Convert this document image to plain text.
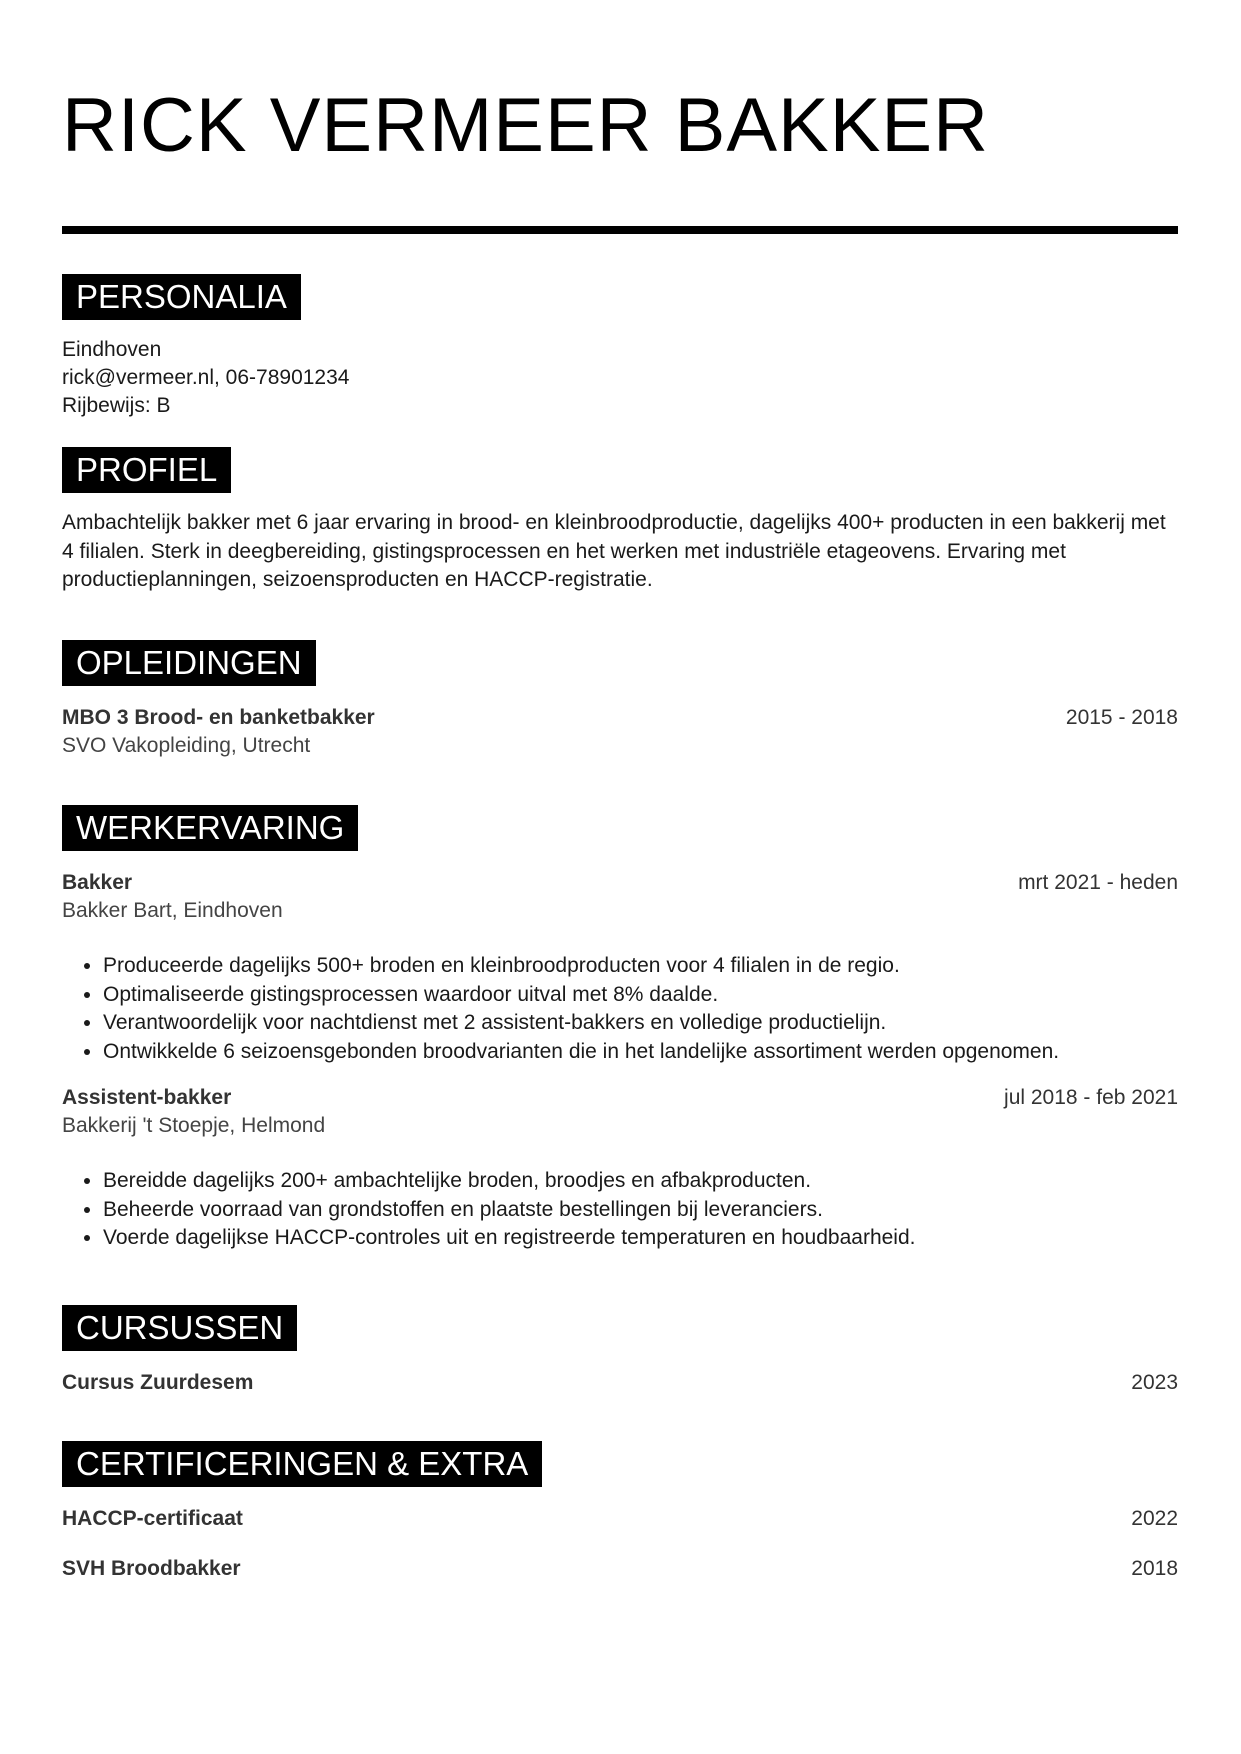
RICK VERMEER BAKKER
PERSONALIA

Eindhoven

rick@vermeer.nl, 06-78901234

Rijbewijs: B

PROFIEL

Ambachtelijk bakker met 6 jaar ervaring in brood- en kleinbroodproductie, dagelijks 400+ producten in een bakkerij met 4 filialen. Sterk in deegbereiding, gistingsprocessen en het werken met industriële etageovens. Ervaring met productieplanningen, seizoensproducten en HACCP-registratie.

OPLEIDINGEN
MBO 3 Brood- en banketbakker	2015 - 2018
SVO Vakopleiding, Utrecht
WERKERVARING
Bakker	mrt 2021 - heden
Bakker Bart, Eindhoven
• Produceerde dagelijks 500+ broden en kleinbroodproducten voor 4 filialen in de regio.
• Optimaliseerde gistingsprocessen waardoor uitval met 8% daalde.
• Verantwoordelijk voor nachtdienst met 2 assistent-bakkers en volledige productielijn.
• Ontwikkelde 6 seizoensgebonden broodvarianten die in het landelijke assortiment werden opgenomen.
Assistent-bakker	jul 2018 - feb 2021
Bakkerij 't Stoepje, Helmond
• Bereidde dagelijks 200+ ambachtelijke broden, broodjes en afbakproducten.
• Beheerde voorraad van grondstoffen en plaatste bestellingen bij leveranciers.
• Voerde dagelijkse HACCP-controles uit en registreerde temperaturen en houdbaarheid.
CURSUSSEN
Cursus Zuurdesem	2023
CERTIFICERINGEN & EXTRA
HACCP-certificaat	2022
SVH Broodbakker	2018
